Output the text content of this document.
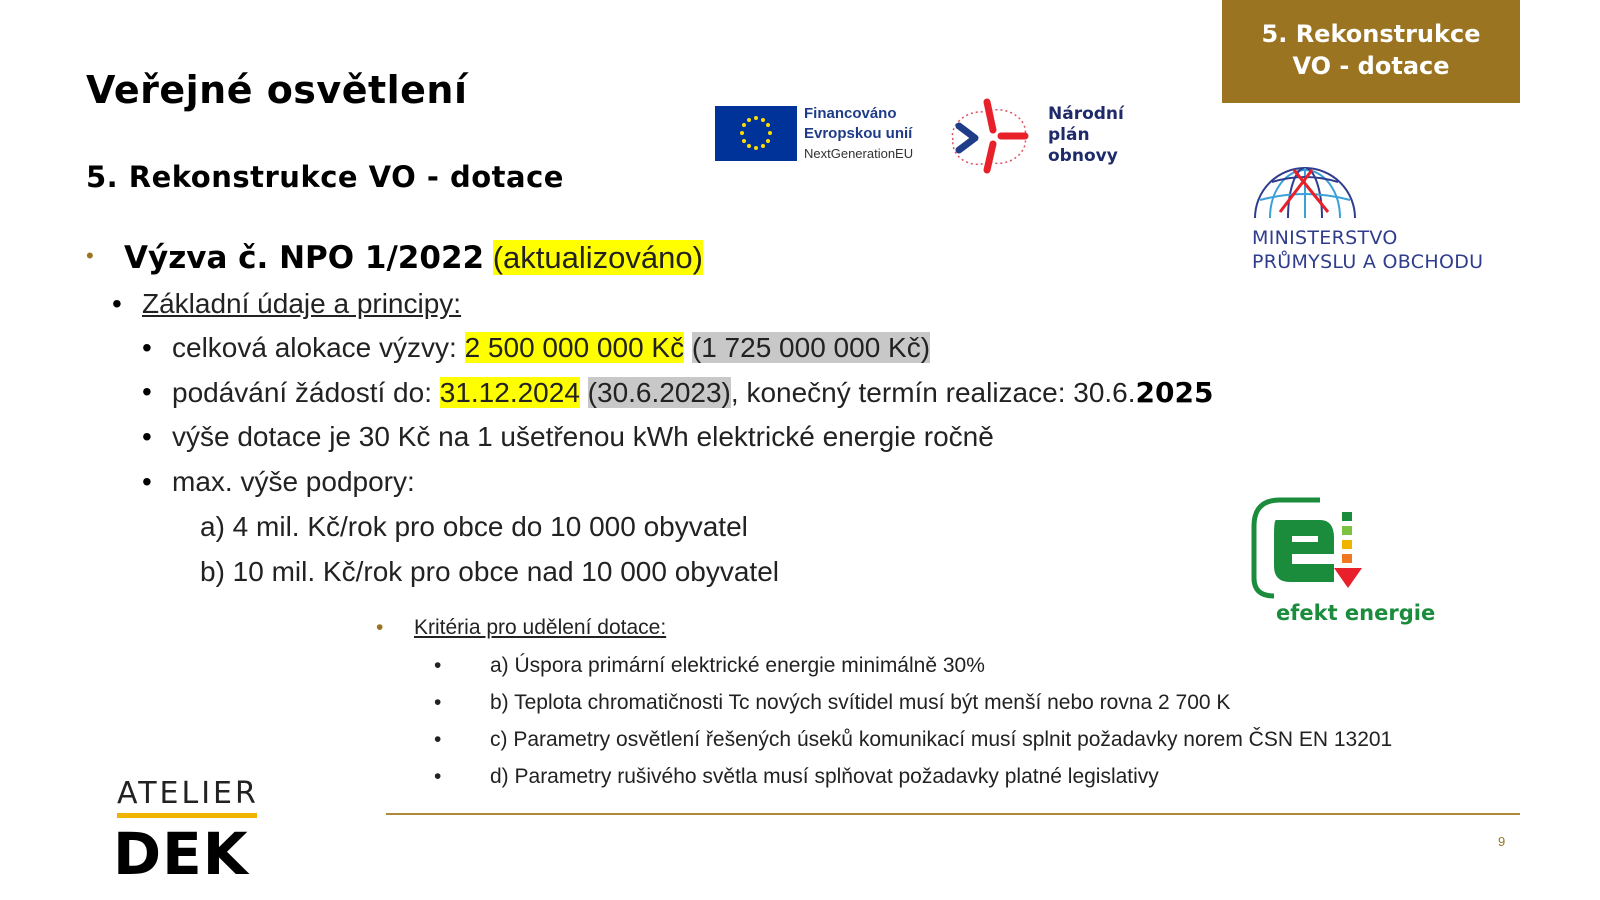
Veřejné osvětlení
5. Rekonstrukce VO - dotace
5. Rekonstrukce
VO - dotace
Financováno
Evropskou unií
NextGenerationEU
Národní
plán
obnovy
MINISTERSTVO
PRŮMYSLU A OBCHODU
efekt energie
• Výzva č. NPO 1/2022 (aktualizováno)
• Základní údaje a principy:
• celková alokace výzvy: 2 500 000 000 Kč (1 725 000 000 Kč)
• podávání žádostí do: 31.12.2024 (30.6.2023), konečný termín realizace: 30.6.2025
• výše dotace je 30 Kč na 1 ušetřenou kWh elektrické energie ročně
• max. výše podpory:
a) 4 mil. Kč/rok pro obce do 10 000 obyvatel
b) 10 mil. Kč/rok pro obce nad 10 000 obyvatel
• Kritéria pro udělení dotace:
• a) Úspora primární elektrické energie minimálně 30%
• b) Teplota chromatičnosti Tc nových svítidel musí být menší nebo rovna 2 700 K
• c) Parametry osvětlení řešených úseků komunikací musí splnit požadavky norem ČSN EN 13201
• d) Parametry rušivého světla musí splňovat požadavky platné legislativy
9
ATELIER
DEK
